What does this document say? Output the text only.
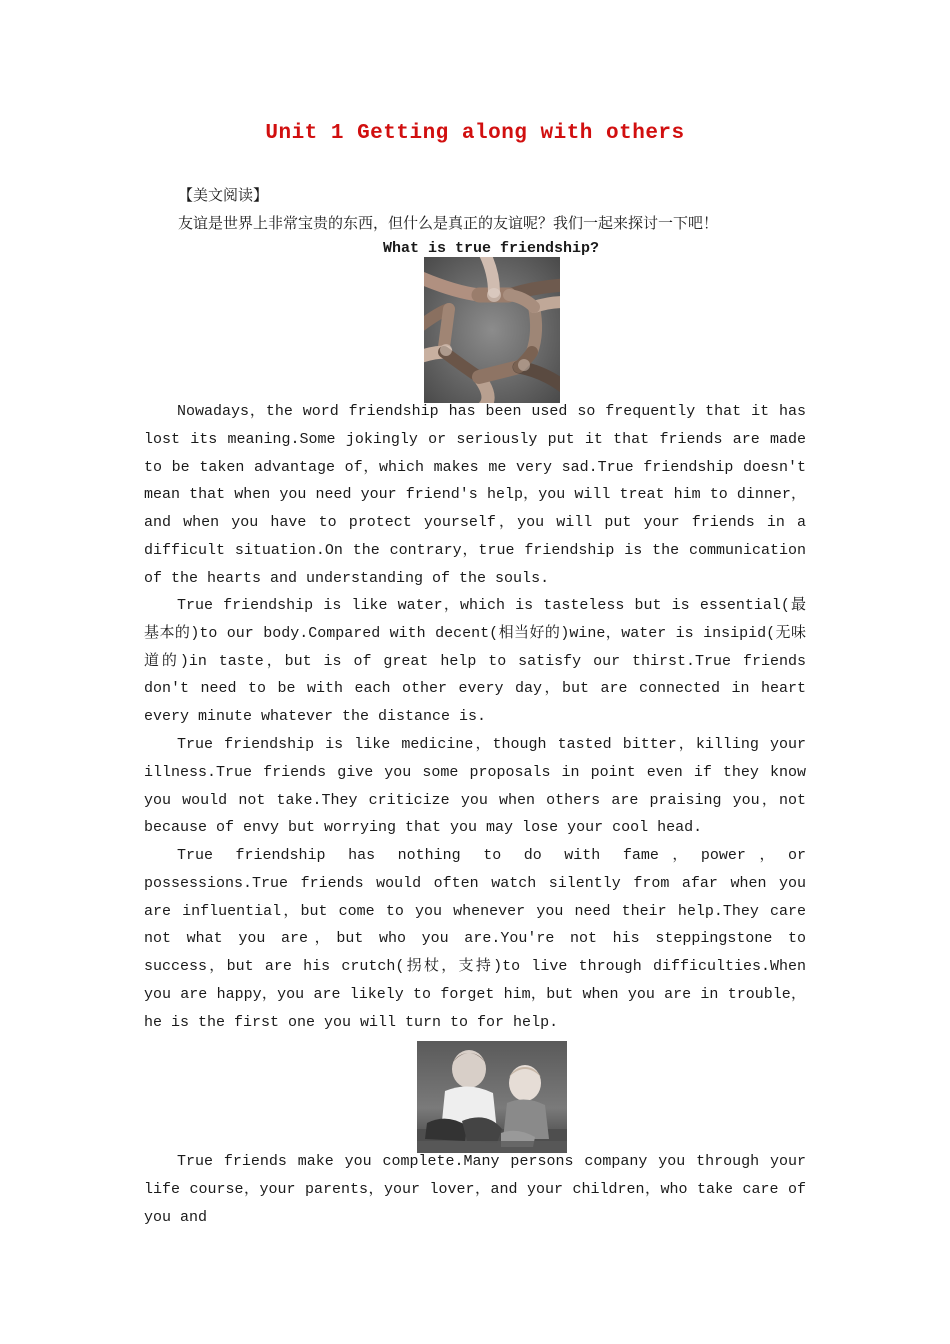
Unit 1 Getting along with others
【美文阅读】
友谊是世界上非常宝贵的东西，但什么是真正的友谊呢？我们一起来探讨一下吧！
What is true friendship?
Nowadays，the word friendship has been used so frequently that it has lost its meaning.Some jokingly or seriously put it that friends are made to be taken advantage of，which makes me very sad.True friendship doesn't mean that when you need your friend's help，you will treat him to dinner，and when you have to protect yourself，you will put your friends in a difficult situation.On the contrary，true friendship is the communication of the hearts and understanding of the souls.
True friendship is like water，which is tasteless but is essential(最基本的)to our body.Compared with decent(相当好的)wine，water is insipid(无味道的)in taste，but is of great help to satisfy our thirst.True friends don't need to be with each other every day，but are connected in heart every minute whatever the distance is.
True friendship is like medicine，though tasted bitter，killing your illness.True friends give you some proposals in point even if they know you would not take.They criticize you when others are praising you，not because of envy but worrying that you may lose your cool head.
True friendship has nothing to do with fame，power，or possessions.True friends would often watch silently from afar when you are influential，but come to you whenever you need their help.They care not what you are，but who you are.You're not his steppingstone to success，but are his crutch(拐杖，支持)to live through difficulties.When you are happy，you are likely to forget him，but when you are in trouble，he is the first one you will turn to for help.
True friends make you complete.Many persons company you through your life course，your parents，your lover，and your children，who take care of you and
